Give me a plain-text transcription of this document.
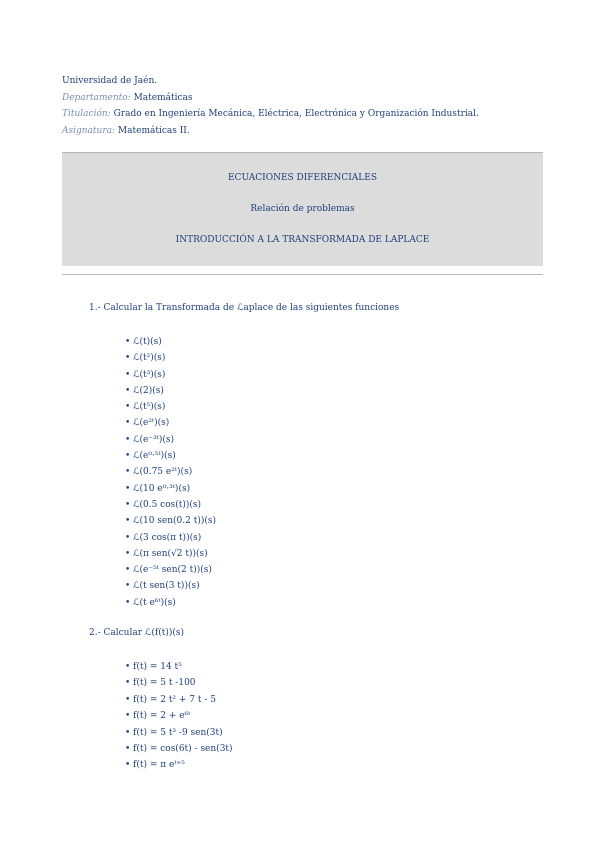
Universidad de Jaén.
Departamento: Matemáticas
Titulación: Grado en Ingeniería Mecánica, Eléctrica, Electrónica y Organización Industrial.
Asignatura: Matemáticas II.
ECUACIONES DIFERENCIALES
Relación de problemas
INTRODUCCIÓN A LA TRANSFORMADA DE LAPLACE
1.- Calcular la Transformada de ℒaplace de las siguientes funciones
• ℒ(t)(s)
• ℒ(t²)(s)
• ℒ(t³)(s)
• ℒ(2)(s)
• ℒ(t⁵)(s)
• ℒ(e²ᵗ)(s)
• ℒ(e⁻³ᵗ)(s)
• ℒ(e⁰·⁵ᵗ)(s)
• ℒ(0.75 e²ᵗ)(s)
• ℒ(10 e⁰·³ᵗ)(s)
• ℒ(0.5 cos(t))(s)
• ℒ(10 sen(0.2 t))(s)
• ℒ(3 cos(π t))(s)
• ℒ(π sen(√2 t))(s)
• ℒ(e⁻⁵ᵗ sen(2 t))(s)
• ℒ(t sen(3 t))(s)
• ℒ(t e⁶ᵗ)(s)
2.- Calcular ℒ(f(t))(s)
• f(t) = 14 t⁵
• f(t) = 5 t -100
• f(t) = 2 t² + 7 t - 5
• f(t) = 2 + e⁶ᵗ
• f(t) = 5 t³ -9 sen(3t)
• f(t) = cos(6t) - sen(3t)
• f(t) = π eᵗ⁺⁵
